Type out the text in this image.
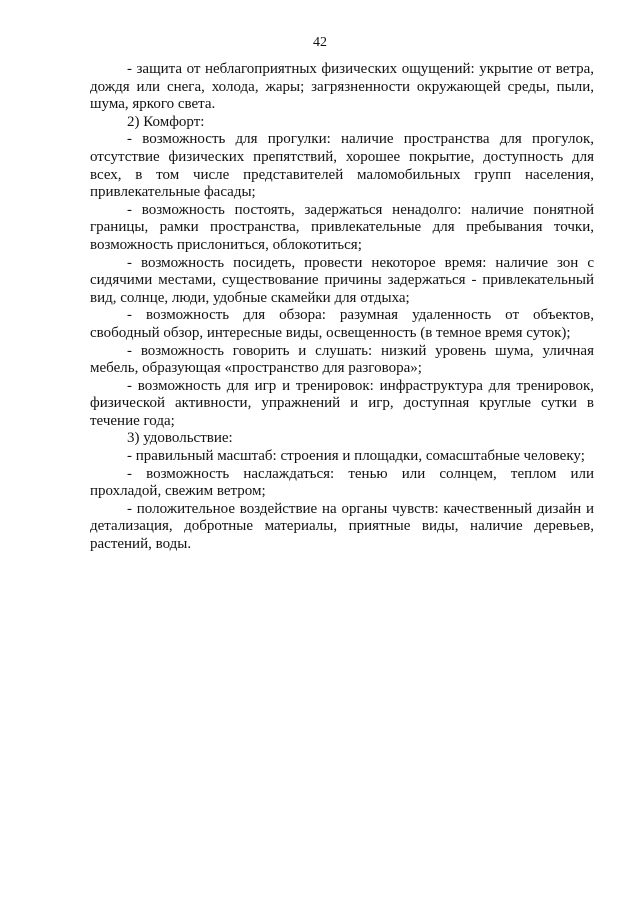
42

- защита от неблагоприятных физических ощущений: укрытие от ветра, дождя или снега, холода, жары; загрязненности окружающей среды, пыли, шума, яркого света.

2) Комфорт:

- возможность для прогулки: наличие пространства для прогулок, отсутствие физических препятствий, хорошее покрытие, доступность для всех, в том числе представителей маломобильных групп населения, привлекательные фасады;

- возможность постоять, задержаться ненадолго: наличие понятной границы, рамки пространства, привлекательные для пребывания точки, возможность прислониться, облокотиться;

- возможность посидеть, провести некоторое время: наличие зон с сидячими местами, существование причины задержаться - привлекательный вид, солнце, люди, удобные скамейки для отдыха;

- возможность для обзора: разумная удаленность от объектов, свободный обзор, интересные виды, освещенность (в темное время суток);

- возможность говорить и слушать: низкий уровень шума, уличная мебель, образующая «пространство для разговора»;

- возможность для игр и тренировок: инфраструктура для тренировок, физической активности, упражнений и игр, доступная круглые сутки в течение года;

3) удовольствие:

- правильный масштаб: строения и площадки, сомасштабные человеку;

- возможность наслаждаться: тенью или солнцем, теплом или прохладой, свежим ветром;

- положительное воздействие на органы чувств: качественный дизайн и детализация, добротные материалы, приятные виды, наличие деревьев, растений, воды.
